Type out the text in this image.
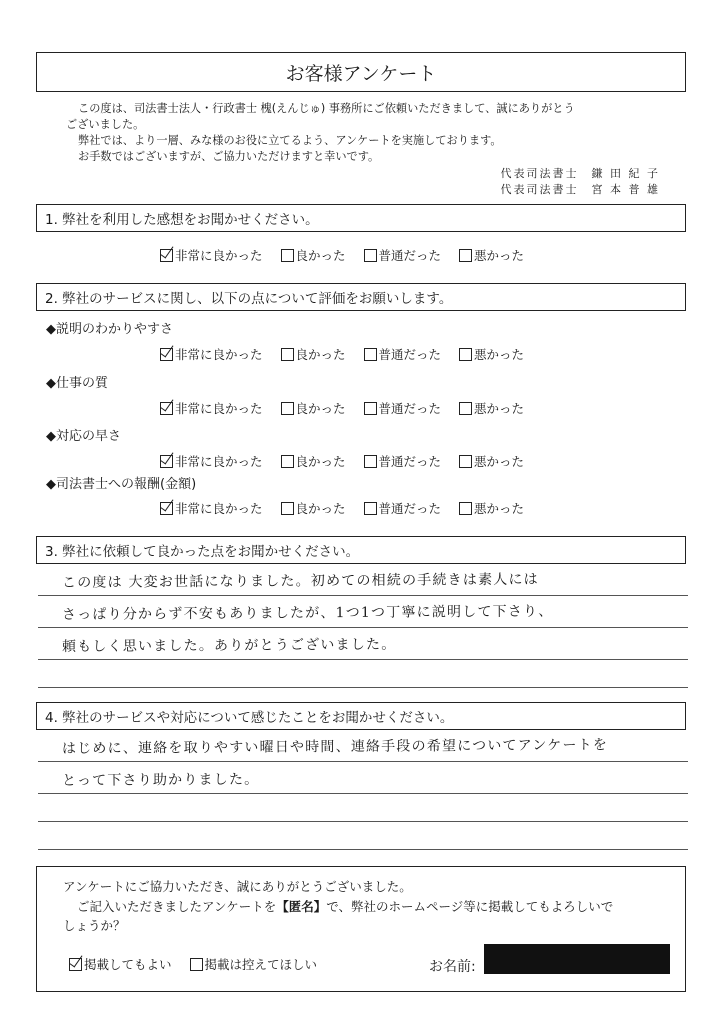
お客様アンケート

この度は、司法書士法人・行政書士 槐(えんじゅ) 事務所にご依頼いただきまして、誠にありがとう

ございました。

弊社では、より一層、みな様のお役に立てるよう、アンケートを実施しております。

お手数ではございますが、ご協力いただけますと幸いです。

代表司法書士　鎌 田 紀 子
代表司法書士　宮 本 普 雄
1. 弊社を利用した感想をお聞かせください。
非常に良かった	良かった	普通だった	悪かった
2. 弊社のサービスに関し、以下の点について評価をお願いします。
◆説明のわかりやすさ
非常に良かった	良かった	普通だった	悪かった
◆仕事の質
非常に良かった	良かった	普通だった	悪かった
◆対応の早さ
非常に良かった	良かった	普通だった	悪かった
◆司法書士への報酬(金額)
非常に良かった	良かった	普通だった	悪かった
3. 弊社に依頼して良かった点をお聞かせください。
この度は 大変お世話になりました。初めての相続の手続きは素人には
さっぱり分からず不安もありましたが、1つ1つ丁寧に説明して下さり、
頼もしく思いました。ありがとうございました。
4. 弊社のサービスや対応について感じたことをお聞かせください。
はじめに、連絡を取りやすい曜日や時間、連絡手段の希望についてアンケートを
とって下さり助かりました。

アンケートにご協力いただき、誠にありがとうございました。

ご記入いただきましたアンケートを【匿名】で、弊社のホームページ等に掲載してもよろしいで

しょうか？

掲載してもよい	掲載は控えてほしい	お名前:
